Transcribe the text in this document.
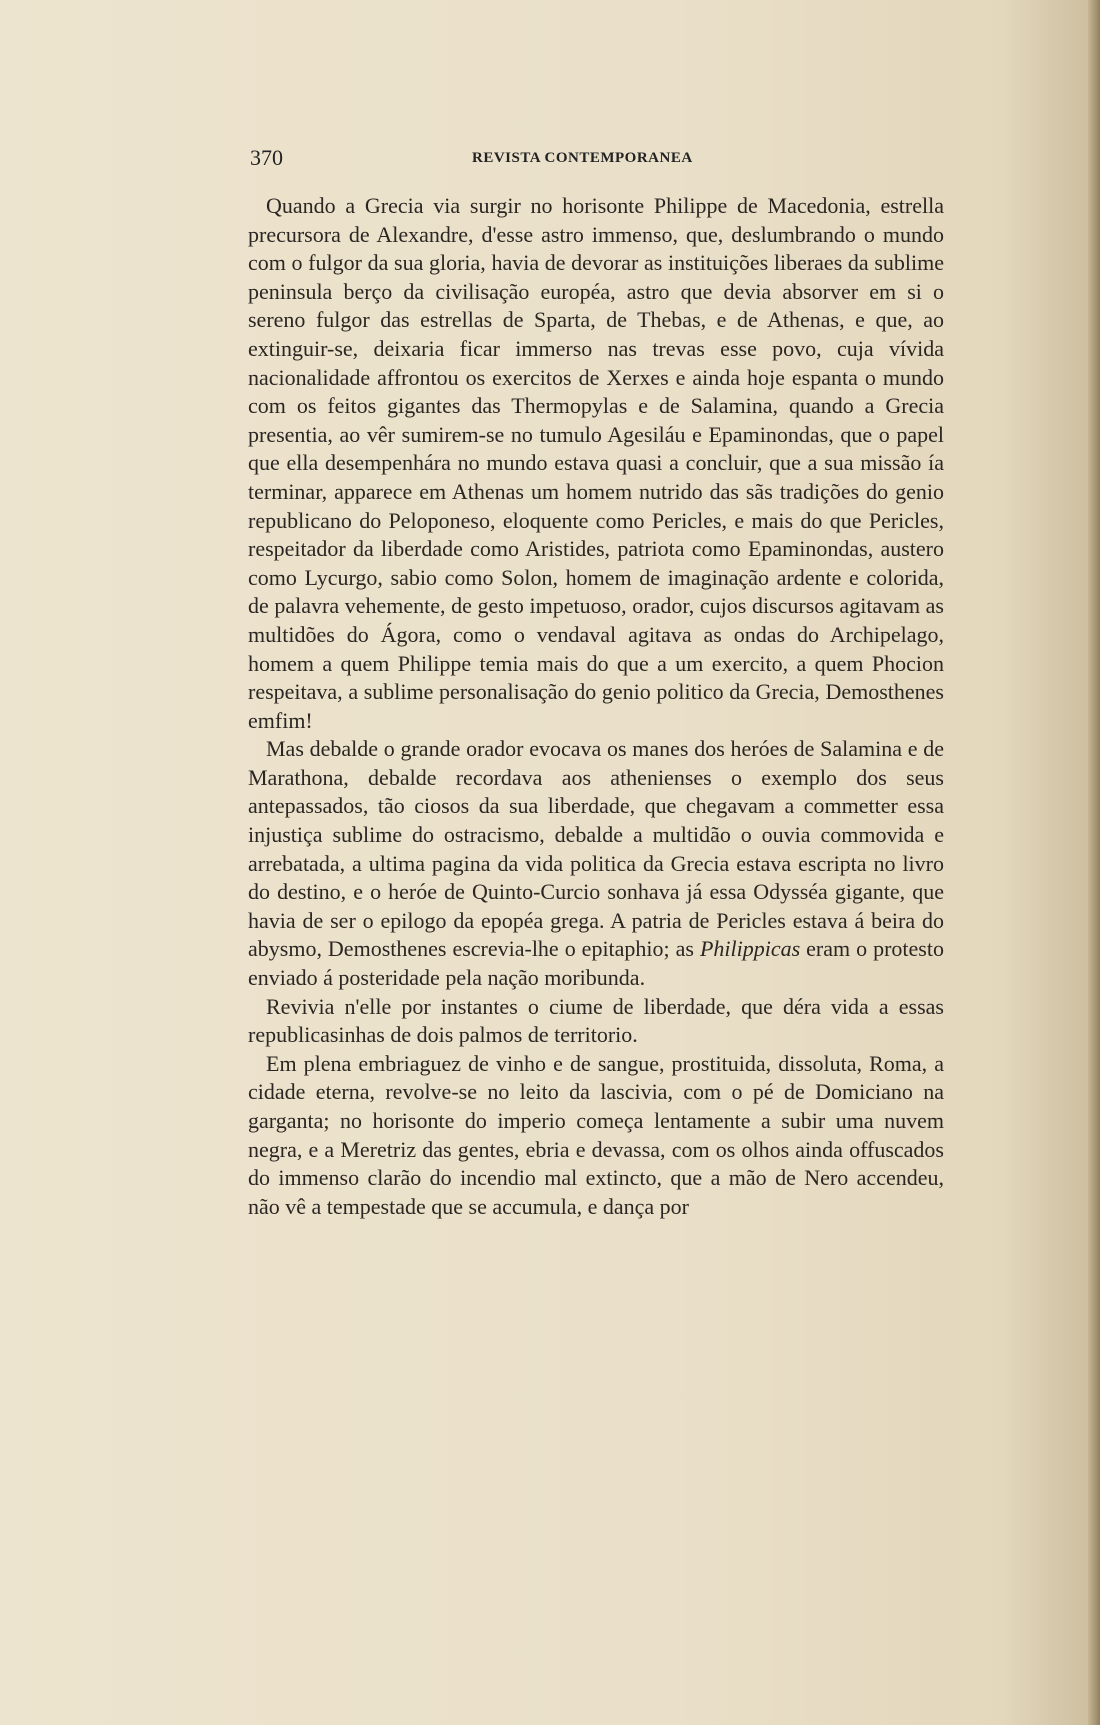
370	REVISTA CONTEMPORANEA

Quando a Grecia via surgir no horisonte Philippe de Macedonia, estrella precursora de Alexandre, d'esse astro immenso, que, deslumbrando o mundo com o fulgor da sua gloria, havia de devorar as instituições liberaes da sublime peninsula berço da civilisação européa, astro que devia absorver em si o sereno fulgor das estrellas de Sparta, de Thebas, e de Athenas, e que, ao extinguir-se, deixaria ficar immerso nas trevas esse povo, cuja vívida nacionalidade affrontou os exercitos de Xerxes e ainda hoje espanta o mundo com os feitos gigantes das Thermopylas e de Salamina, quando a Grecia presentia, ao vêr sumirem-se no tumulo Agesiláu e Epaminondas, que o papel que ella desempenhára no mundo estava quasi a concluir, que a sua missão ía terminar, apparece em Athenas um homem nutrido das sãs tradições do genio republicano do Peloponeso, eloquente como Pericles, e mais do que Pericles, respeitador da liberdade como Aristides, patriota como Epaminondas, austero como Lycurgo, sabio como Solon, homem de imaginação ardente e colorida, de palavra vehemente, de gesto impetuoso, orador, cujos discursos agitavam as multidões do Ágora, como o vendaval agitava as ondas do Archipelago, homem a quem Philippe temia mais do que a um exercito, a quem Phocion respeitava, a sublime personalisação do genio politico da Grecia, Demosthenes emfim!

Mas debalde o grande orador evocava os manes dos heróes de Salamina e de Marathona, debalde recordava aos athenienses o exemplo dos seus antepassados, tão ciosos da sua liberdade, que chegavam a commetter essa injustiça sublime do ostracismo, debalde a multidão o ouvia commovida e arrebatada, a ultima pagina da vida politica da Grecia estava escripta no livro do destino, e o heróe de Quinto-Curcio sonhava já essa Odysséa gigante, que havia de ser o epilogo da epopéa grega. A patria de Pericles estava á beira do abysmo, Demosthenes escrevia-lhe o epitaphio; as Philippicas eram o protesto enviado á posteridade pela nação moribunda.

Revivia n'elle por instantes o ciume de liberdade, que déra vida a essas republicasinhas de dois palmos de territorio.

Em plena embriaguez de vinho e de sangue, prostituida, dissoluta, Roma, a cidade eterna, revolve-se no leito da lascivia, com o pé de Domiciano na garganta; no horisonte do imperio começa lentamente a subir uma nuvem negra, e a Meretriz das gentes, ebria e devassa, com os olhos ainda offuscados do immenso clarão do incendio mal extincto, que a mão de Nero accendeu, não vê a tempestade que se accumula, e dança por
